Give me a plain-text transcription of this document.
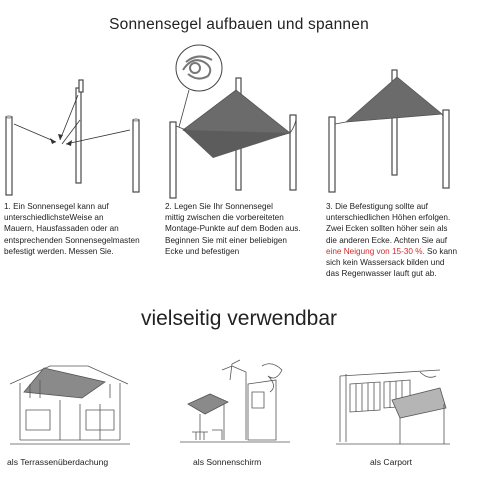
Sonnensegel aufbauen und spannen

1. Ein Sonnensegel kann auf

unterschiedlichsteWeise an

Mauern, Hausfassaden oder an

entsprechenden Sonnensegelmasten

befestigt werden. Messen Sie.

2. Legen Sie Ihr Sonnensegel

mittig zwischen die vorbereiteten

Montage-Punkte auf dem Boden aus.

Beginnen Sie mit einer beliebigen

Ecke und befestigen

3. Die Befestigung sollte auf

unterschiedlichen Höhen erfolgen.

Zwei Ecken sollten höher sein als

die anderen Ecke. Achten Sie auf

eine Neigung von 15-30 %. So kann

sich kein Wassersack bilden und

das Regenwasser lauft gut ab.

vielseitig verwendbar
als Terrassenüberdachung	als Sonnenschirm	als Carport
